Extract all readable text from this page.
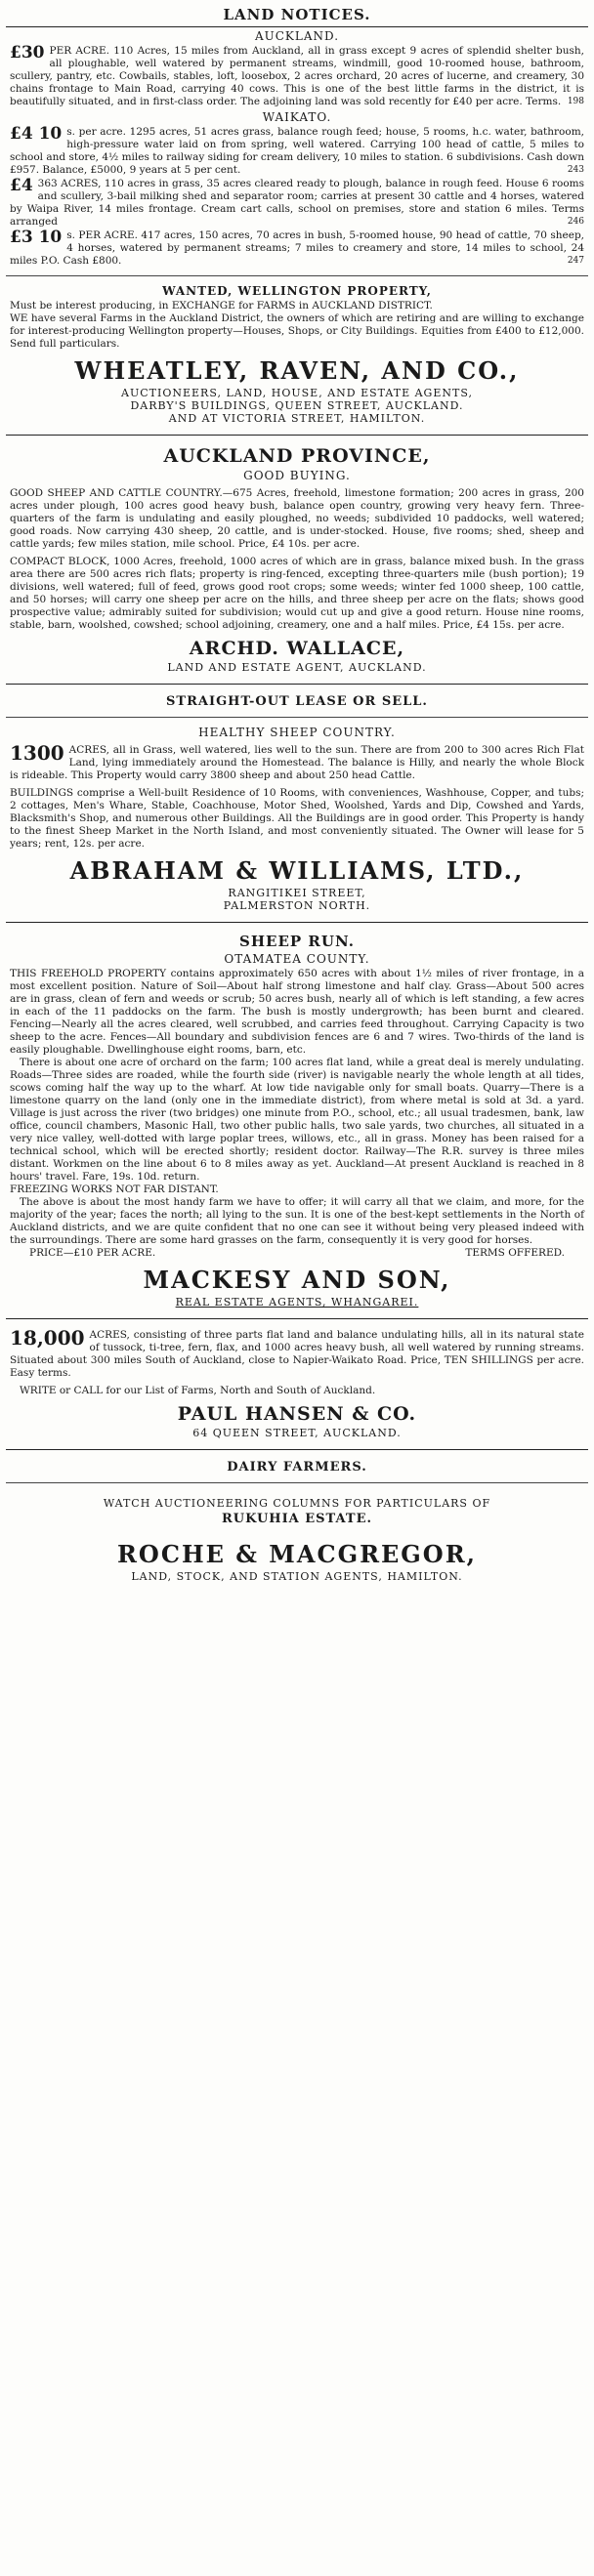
LAND NOTICES.
AUCKLAND.
£30 PER ACRE. 110 Acres, 15 miles from Auckland, all in grass except 9 acres of splendid shelter bush, all ploughable, well watered by permanent streams, windmill, good 10-roomed house, bathroom, scullery, pantry, etc. Cowbails, stables, loft, loosebox, 2 acres orchard, 20 acres of lucerne, and creamery, 30 chains frontage to Main Road, carrying 40 cows. This is one of the best little farms in the district, it is beautifully situated, and in first-class order. The adjoining land was sold recently for £40 per acre. Terms. 198
WAIKATO.
£4 10 s. per acre. 1295 acres, 51 acres grass, balance rough feed; house, 5 rooms, h.c. water, bathroom, high-pressure water laid on from spring, well watered. Carrying 100 head of cattle, 5 miles to school and store, 4½ miles to railway siding for cream delivery, 10 miles to station. 6 subdivisions. Cash down £957. Balance, £5000, 9 years at 5 per cent.	243
£4 363 ACRES, 110 acres in grass, 35 acres cleared ready to plough, balance in rough feed. House 6 rooms and scullery, 3-bail milking shed and separator room; carries at present 30 cattle and 4 horses, watered by Waipa River, 14 miles frontage. Cream cart calls, school on premises, store and station 6 miles. Terms arranged	246
£3 10 s. PER ACRE. 417 acres, 150 acres, 70 acres in bush, 5-roomed house, 90 head of cattle, 70 sheep, 4 horses, watered by permanent streams; 7 miles to creamery and store, 14 miles to school, 24 miles P.O. Cash £800.	247
WANTED, WELLINGTON PROPERTY,
Must be interest producing, in EXCHANGE for FARMS in AUCKLAND DISTRICT.
WE have several Farms in the Auckland District, the owners of which are retiring and are willing to exchange for interest-producing Wellington property—Houses, Shops, or City Buildings. Equities from £400 to £12,000. Send full particulars.
WHEATLEY, RAVEN, AND CO.,
AUCTIONEERS, LAND, HOUSE, AND ESTATE AGENTS,
DARBY'S BUILDINGS, QUEEN STREET, AUCKLAND.
AND AT VICTORIA STREET, HAMILTON.
AUCKLAND PROVINCE,
GOOD BUYING.
GOOD SHEEP AND CATTLE COUNTRY.—675 Acres, freehold, limestone formation; 200 acres in grass, 200 acres under plough, 100 acres good heavy bush, balance open country, growing very heavy fern. Three-quarters of the farm is undulating and easily ploughed, no weeds; subdivided 10 paddocks, well watered; good roads. Now carrying 430 sheep, 20 cattle, and is under-stocked. House, five rooms; shed, sheep and cattle yards; few miles station, mile school. Price, £4 10s. per acre.
COMPACT BLOCK, 1000 Acres, freehold, 1000 acres of which are in grass, balance mixed bush. In the grass area there are 500 acres rich flats; property is ring-fenced, excepting three-quarters mile (bush portion); 19 divisions, well watered; full of feed, grows good root crops; some weeds; winter fed 1000 sheep, 100 cattle, and 50 horses; will carry one sheep per acre on the hills, and three sheep per acre on the flats; shows good prospective value; admirably suited for subdivision; would cut up and give a good return. House nine rooms, stable, barn, woolshed, cowshed; school adjoining, creamery, one and a half miles. Price, £4 15s. per acre.
ARCHD. WALLACE,
LAND AND ESTATE AGENT, AUCKLAND.
STRAIGHT-OUT LEASE OR SELL.
HEALTHY SHEEP COUNTRY.
1300 ACRES, all in Grass, well watered, lies well to the sun. There are from 200 to 300 acres Rich Flat Land, lying immediately around the Homestead. The balance is Hilly, and nearly the whole Block is rideable. This Property would carry 3800 sheep and about 250 head Cattle.
BUILDINGS comprise a Well-built Residence of 10 Rooms, with conveniences, Washhouse, Copper, and tubs; 2 cottages, Men's Whare, Stable, Coachhouse, Motor Shed, Woolshed, Yards and Dip, Cowshed and Yards, Blacksmith's Shop, and numerous other Buildings. All the Buildings are in good order. This Property is handy to the finest Sheep Market in the North Island, and most conveniently situated. The Owner will lease for 5 years; rent, 12s. per acre.
ABRAHAM & WILLIAMS, LTD.,
RANGITIKEI STREET,
PALMERSTON NORTH.
SHEEP RUN.
OTAMATEA COUNTY.
THIS FREEHOLD PROPERTY contains approximately 650 acres with about 1½ miles of river frontage, in a most excellent position. Nature of Soil—About half strong limestone and half clay. Grass—About 500 acres are in grass, clean of fern and weeds or scrub; 50 acres bush, nearly all of which is left standing, a few acres in each of the 11 paddocks on the farm. The bush is mostly undergrowth; has been burnt and cleared. Fencing—Nearly all the acres cleared, well scrubbed, and carries feed throughout. Carrying Capacity is two sheep to the acre. Fences—All boundary and subdivision fences are 6 and 7 wires. Two-thirds of the land is easily ploughable. Dwellinghouse eight rooms, barn, etc.
There is about one acre of orchard on the farm; 100 acres flat land, while a great deal is merely undulating. Roads—Three sides are roaded, while the fourth side (river) is navigable nearly the whole length at all tides, scows coming half the way up to the wharf. At low tide navigable only for small boats. Quarry—There is a limestone quarry on the land (only one in the immediate district), from where metal is sold at 3d. a yard. Village is just across the river (two bridges) one minute from P.O., school, etc.; all usual tradesmen, bank, law office, council chambers, Masonic Hall, two other public halls, two sale yards, two churches, all situated in a very nice valley, well-dotted with large poplar trees, willows, etc., all in grass. Money has been raised for a technical school, which will be erected shortly; resident doctor. Railway—The R.R. survey is three miles distant. Workmen on the line about 6 to 8 miles away as yet. Auckland—At present Auckland is reached in 8 hours' travel. Fare, 19s. 10d. return.
FREEZING WORKS NOT FAR DISTANT.
The above is about the most handy farm we have to offer; it will carry all that we claim, and more, for the majority of the year; faces the north; all lying to the sun. It is one of the best-kept settlements in the North of Auckland districts, and we are quite confident that no one can see it without being very pleased indeed with the surroundings. There are some hard grasses on the farm, consequently it is very good for horses.
PRICE—£10 PER ACRE.	TERMS OFFERED.
MACKESY AND SON,
REAL ESTATE AGENTS, WHANGAREI.
18,000 ACRES, consisting of three parts flat land and balance undulating hills, all in its natural state of tussock, ti-tree, fern, flax, and 1000 acres heavy bush, all well watered by running streams. Situated about 300 miles South of Auckland, close to Napier-Waikato Road. Price, TEN SHILLINGS per acre. Easy terms.
WRITE or CALL for our List of Farms, North and South of Auckland.
PAUL HANSEN & CO.
64 QUEEN STREET, AUCKLAND.
DAIRY FARMERS.
WATCH AUCTIONEERING COLUMNS FOR PARTICULARS OF
RUKUHIA ESTATE.
ROCHE & MACGREGOR,
LAND, STOCK, AND STATION AGENTS, HAMILTON.
